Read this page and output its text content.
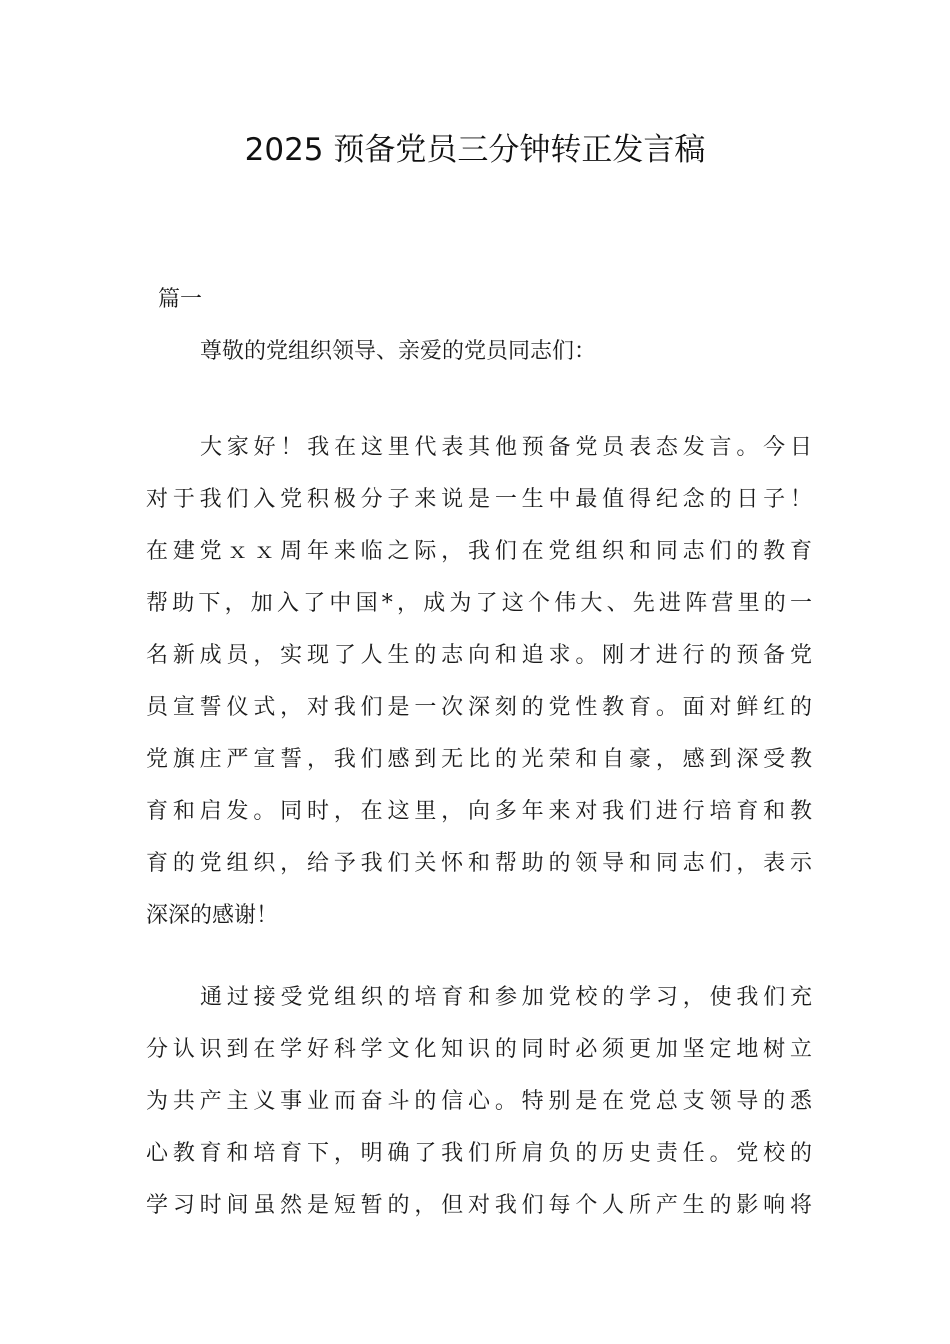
2025 预备党员三分钟转正发言稿

篇一

尊敬的党组织领导、亲爱的党员同志们：

大家好！我在这里代表其他预备党员表态发言。今日
对于我们入党积极分子来说是一生中最值得纪念的日子！
在建党ｘｘ周年来临之际，我们在党组织和同志们的教育
帮助下，加入了中国*，成为了这个伟大、先进阵营里的一
名新成员，实现了人生的志向和追求。刚才进行的预备党
员宣誓仪式，对我们是一次深刻的党性教育。面对鲜红的
党旗庄严宣誓，我们感到无比的光荣和自豪，感到深受教
育和启发。同时，在这里，向多年来对我们进行培育和教
育的党组织，给予我们关怀和帮助的领导和同志们，表示
深深的感谢！
通过接受党组织的培育和参加党校的学习，使我们充
分认识到在学好科学文化知识的同时必须更加坚定地树立
为共产主义事业而奋斗的信心。特别是在党总支领导的悉
心教育和培育下，明确了我们所肩负的历史责任。党校的
学习时间虽然是短暂的，但对我们每个人所产生的影响将
